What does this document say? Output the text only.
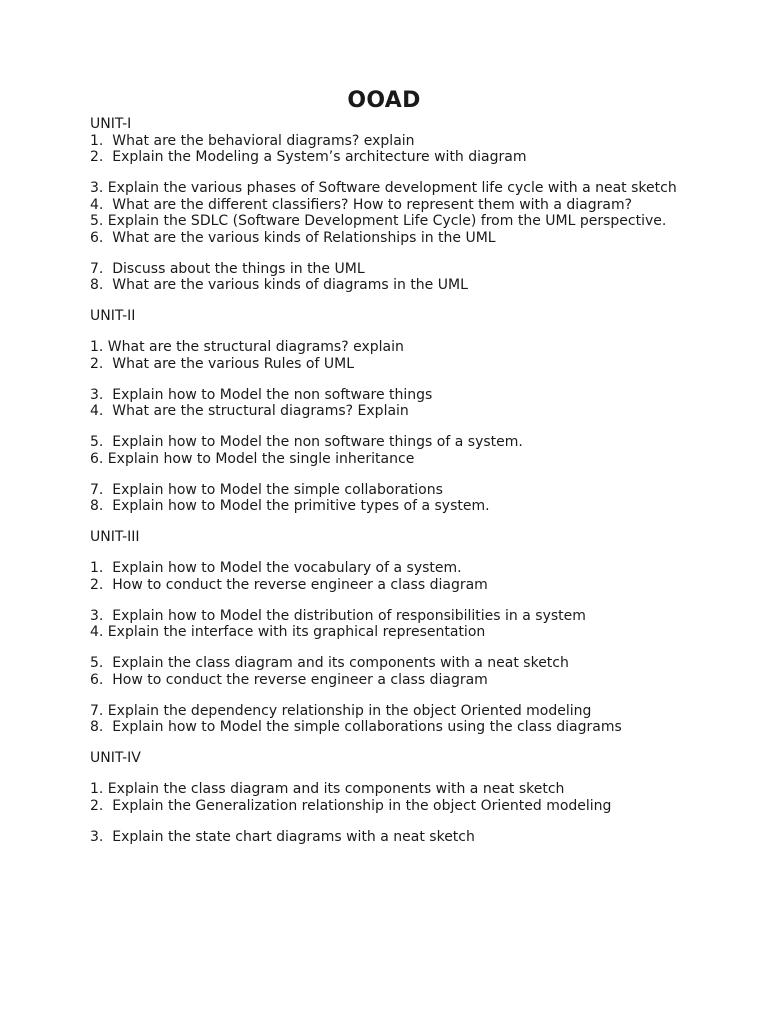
OOAD
UNIT-I
1.  What are the behavioral diagrams? explain
2.  Explain the Modeling a System’s architecture with diagram
3. Explain the various phases of Software development life cycle with a neat sketch
4.  What are the different classifiers? How to represent them with a diagram?
5. Explain the SDLC (Software Development Life Cycle) from the UML perspective.
6.  What are the various kinds of Relationships in the UML
7.  Discuss about the things in the UML
8.  What are the various kinds of diagrams in the UML
UNIT-II
1. What are the structural diagrams? explain
2.  What are the various Rules of UML
3.  Explain how to Model the non software things
4.  What are the structural diagrams? Explain
5.  Explain how to Model the non software things of a system.
6. Explain how to Model the single inheritance
7.  Explain how to Model the simple collaborations
8.  Explain how to Model the primitive types of a system.
UNIT-III
1.  Explain how to Model the vocabulary of a system.
2.  How to conduct the reverse engineer a class diagram
3.  Explain how to Model the distribution of responsibilities in a system
4. Explain the interface with its graphical representation
5.  Explain the class diagram and its components with a neat sketch
6.  How to conduct the reverse engineer a class diagram
7. Explain the dependency relationship in the object Oriented modeling
8.  Explain how to Model the simple collaborations using the class diagrams
UNIT-IV
1. Explain the class diagram and its components with a neat sketch
2.  Explain the Generalization relationship in the object Oriented modeling
3.  Explain the state chart diagrams with a neat sketch
